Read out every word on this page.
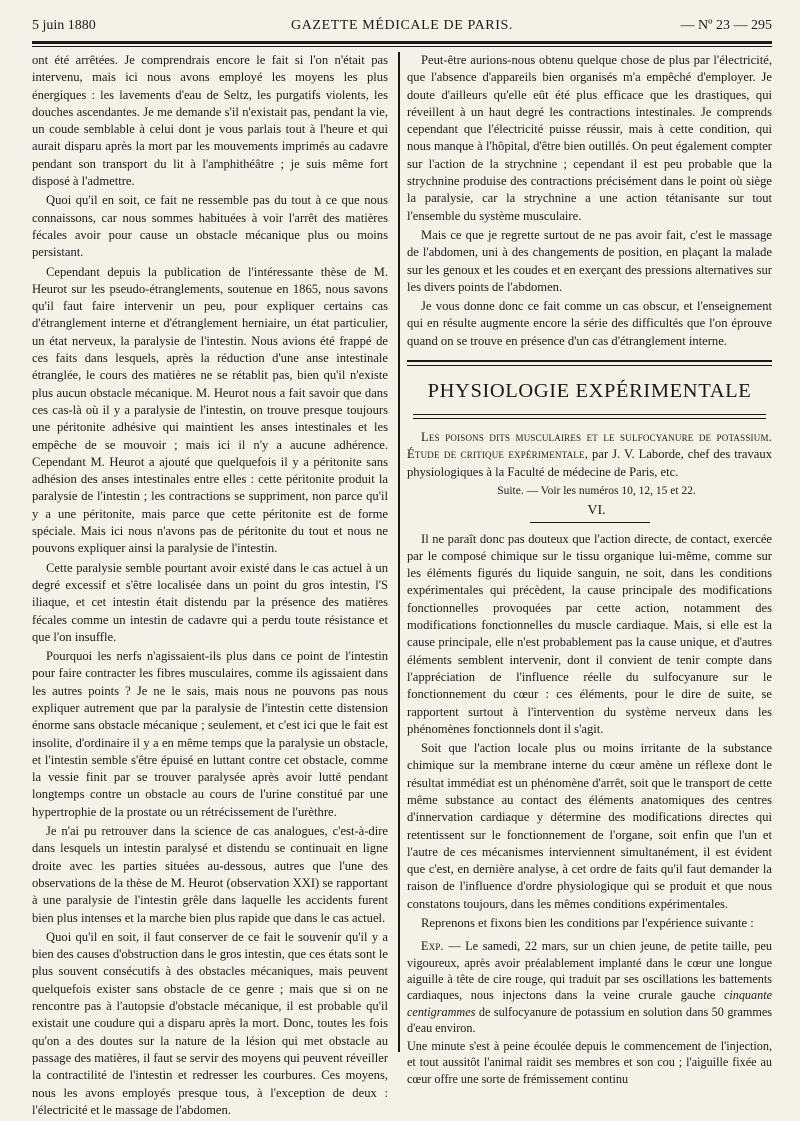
5 juin 1880	GAZETTE MÉDICALE DE PARIS.	— Nº 23 — 295

ont été arrêtées. Je comprendrais encore le fait si l'on n'était pas intervenu, mais ici nous avons employé les moyens les plus énergiques : les lavements d'eau de Seltz, les purgatifs violents, les douches ascendantes. Je me demande s'il n'existait pas, pendant la vie, un coude semblable à celui dont je vous parlais tout à l'heure et qui aurait disparu après la mort par les mouvements imprimés au cadavre pendant son transport du lit à l'amphithéâtre ; je suis même fort disposé à l'admettre.

Quoi qu'il en soit, ce fait ne ressemble pas du tout à ce que nous connaissons, car nous sommes habituées à voir l'arrêt des matières fécales avoir pour cause un obstacle mécanique plus ou moins persistant.

Cependant depuis la publication de l'intéressante thèse de M. Heurot sur les pseudo-étranglements, soutenue en 1865, nous savons qu'il faut faire intervenir un peu, pour expliquer certains cas d'étranglement interne et d'étranglement herniaire, un état particulier, un état nerveux, la paralysie de l'intestin. Nous avions été frappé de ces faits dans lesquels, après la réduction d'une anse intestinale étranglée, le cours des matières ne se rétablit pas, bien qu'il n'existe plus aucun obstacle mécanique. M. Heurot nous a fait savoir que dans ces cas-là où il y a paralysie de l'intestin, on trouve presque toujours une péritonite adhésive qui maintient les anses intestinales et les empêche de se mouvoir ; mais ici il n'y a aucune adhérence. Cependant M. Heurot a ajouté que quelquefois il y a péritonite sans adhésion des anses intestinales entre elles : cette péritonite produit la paralysie de l'intestin ; les contractions se suppriment, non parce qu'il y a une péritonite, mais parce que cette péritonite est de forme spéciale. Mais ici nous n'avons pas de péritonite du tout et nous ne pouvons expliquer ainsi la paralysie de l'intestin.

Cette paralysie semble pourtant avoir existé dans le cas actuel à un degré excessif et s'être localisée dans un point du gros intestin, l'S iliaque, et cet intestin était distendu par la présence des matières fécales comme un intestin de cadavre qui a perdu toute résistance et que l'on insuffle.

Pourquoi les nerfs n'agissaient-ils plus dans ce point de l'intestin pour faire contracter les fibres musculaires, comme ils agissaient dans les autres points ? Je ne le sais, mais nous ne pouvons pas nous expliquer autrement que par la paralysie de l'intestin cette distension énorme sans obstacle mécanique ; seulement, et c'est ici que le fait est insolite, d'ordinaire il y a en même temps que la paralysie un obstacle, et l'intestin semble s'être épuisé en luttant contre cet obstacle, comme la vessie finit par se trouver paralysée après avoir lutté pendant longtemps contre un obstacle au cours de l'urine constitué par une hypertrophie de la prostate ou un rétrécissement de l'urèthre.

Je n'ai pu retrouver dans la science de cas analogues, c'est-à-dire dans lesquels un intestin paralysé et distendu se continuait en ligne droite avec les parties situées au-dessous, autres que l'une des observations de la thèse de M. Heurot (observation XXI) se rapportant à une paralysie de l'intestin grêle dans laquelle les accidents furent bien plus intenses et la marche bien plus rapide que dans le cas actuel.

Quoi qu'il en soit, il faut conserver de ce fait le souvenir qu'il y a bien des causes d'obstruction dans le gros intestin, que ces états sont le plus souvent consécutifs à des obstacles mécaniques, mais peuvent quelquefois exister sans obstacle de ce genre ; mais que si on ne rencontre pas à l'autopsie d'obstacle mécanique, il est probable qu'il existait une coudure qui a disparu après la mort. Donc, toutes les fois qu'on a des doutes sur la nature de la lésion qui met obstacle au passage des matières, il faut se servir des moyens qui peuvent réveiller la contractilité de l'intestin et redresser les courbures. Ces moyens, nous les avons employés presque tous, à l'exception de deux : l'électricité et le massage de l'abdomen.

Peut-être aurions-nous obtenu quelque chose de plus par l'électricité, que l'absence d'appareils bien organisés m'a empêché d'employer. Je doute d'ailleurs qu'elle eût été plus efficace que les drastiques, qui réveillent à un haut degré les contractions intestinales. Je comprends cependant que l'électricité puisse réussir, mais à cette condition, qui nous manque à l'hôpital, d'être bien outillés. On peut également compter sur l'action de la strychnine ; cependant il est peu probable que la strychnine produise des contractions précisément dans le point où siège la paralysie, car la strychnine a une action tétanisante sur tout l'ensemble du système musculaire.

Mais ce que je regrette surtout de ne pas avoir fait, c'est le massage de l'abdomen, uni à des changements de position, en plaçant la malade sur les genoux et les coudes et en exerçant des pressions alternatives sur les divers points de l'abdomen.

Je vous donne donc ce fait comme un cas obscur, et l'enseignement qui en résulte augmente encore la série des difficultés que l'on éprouve quand on se trouve en présence d'un cas d'étranglement interne.

PHYSIOLOGIE EXPÉRIMENTALE

Les poisons dits musculaires et le sulfocyanure de potassium. Étude de critique expérimentale, par J. V. Laborde, chef des travaux physiologiques à la Faculté de médecine de Paris, etc.

Suite. — Voir les numéros 10, 12, 15 et 22.

VI.

Il ne paraît donc pas douteux que l'action directe, de contact, exercée par le composé chimique sur le tissu organique lui-même, comme sur les éléments figurés du liquide sanguin, ne soit, dans les conditions expérimentales qui précèdent, la cause principale des modifications fonctionnelles provoquées par cette action, notamment des modifications fonctionnelles du muscle cardiaque. Mais, si elle est la cause principale, elle n'est probablement pas la cause unique, et d'autres éléments semblent intervenir, dont il convient de tenir compte dans l'appréciation de l'influence réelle du sulfocyanure sur le fonctionnement du cœur : ces éléments, pour le dire de suite, se rapportent surtout à l'intervention du système nerveux dans les phénomènes fonctionnels dont il s'agit.

Soit que l'action locale plus ou moins irritante de la substance chimique sur la membrane interne du cœur amène un réflexe dont le résultat immédiat est un phénomène d'arrêt, soit que le transport de cette même substance au contact des éléments anatomiques des centres d'innervation cardiaque y détermine des modifications directes qui retentissent sur le fonctionnement de l'organe, soit enfin que l'un et l'autre de ces mécanismes interviennent simultanément, il est évident que c'est, en dernière analyse, à cet ordre de faits qu'il faut demander la raison de l'influence d'ordre physiologique qui se produit et que nous constatons toujours, dans les mêmes conditions expérimentales.

Reprenons et fixons bien les conditions par l'expérience suivante :

Exp. — Le samedi, 22 mars, sur un chien jeune, de petite taille, peu vigoureux, après avoir préalablement implanté dans le cœur une longue aiguille à tête de cire rouge, qui traduit par ses oscillations les battements cardiaques, nous injectons dans la veine crurale gauche cinquante centigrammes de sulfocyanure de potassium en solution dans 50 grammes d'eau environ.

Une minute s'est à peine écoulée depuis le commencement de l'injection, et tout aussitôt l'animal raidit ses membres et son cou ; l'aiguille fixée au cœur offre une sorte de frémissement continu
